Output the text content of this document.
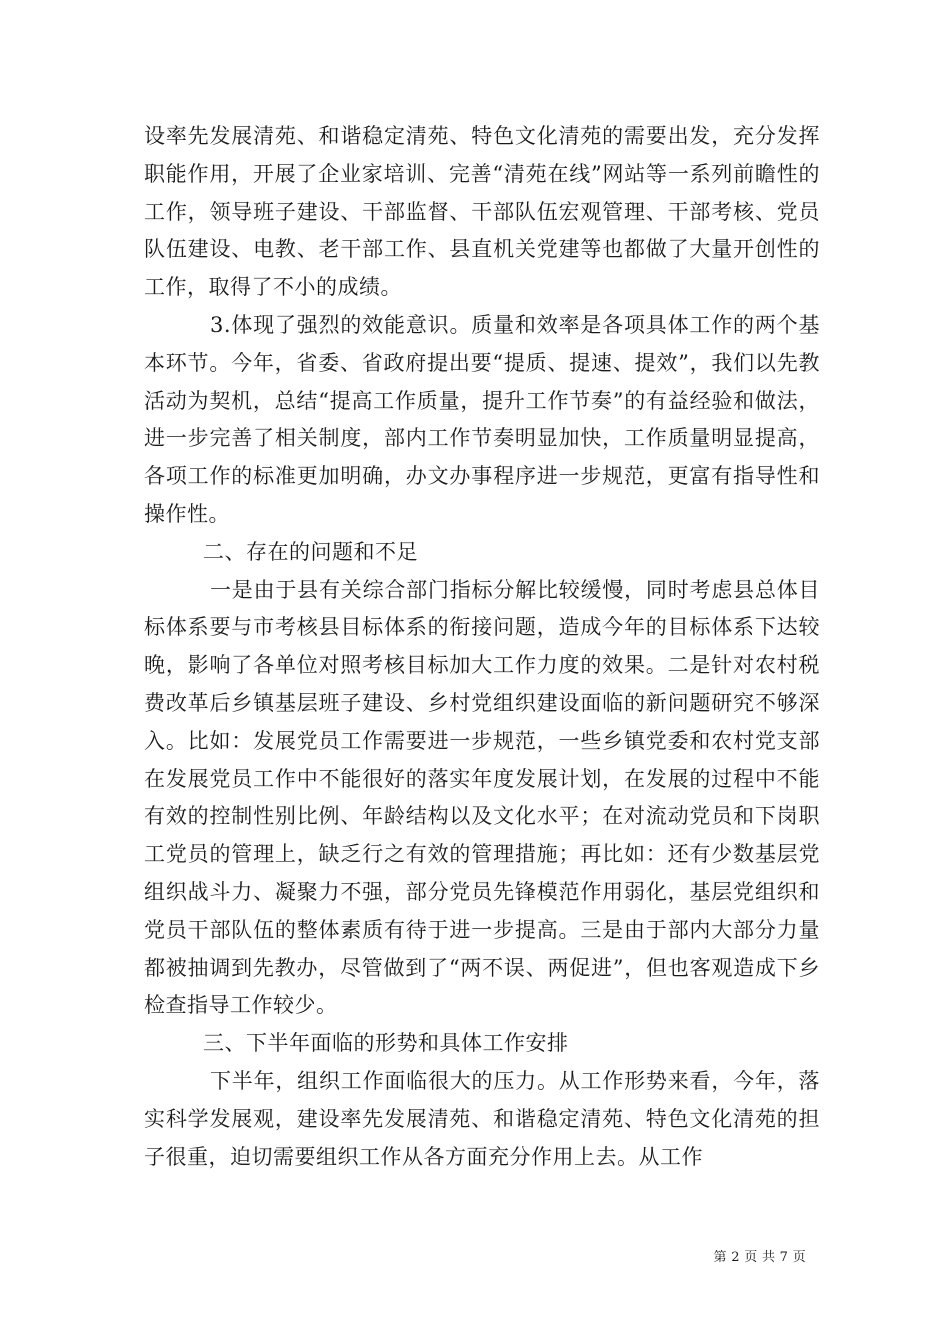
设率先发展清苑、和谐稳定清苑、特色文化清苑的需要出发，充分发挥职能作用，开展了企业家培训、完善“清苑在线”网站等一系列前瞻性的工作，领导班子建设、干部监督、干部队伍宏观管理、干部考核、党员队伍建设、电教、老干部工作、县直机关党建等也都做了大量开创性的工作，取得了不小的成绩。

3.体现了强烈的效能意识。质量和效率是各项具体工作的两个基本环节。今年，省委、省政府提出要“提质、提速、提效”，我们以先教活动为契机，总结“提高工作质量，提升工作节奏”的有益经验和做法，进一步完善了相关制度，部内工作节奏明显加快，工作质量明显提高，各项工作的标准更加明确，办文办事程序进一步规范，更富有指导性和操作性。

二、存在的问题和不足

一是由于县有关综合部门指标分解比较缓慢，同时考虑县总体目标体系要与市考核县目标体系的衔接问题，造成今年的目标体系下达较晚，影响了各单位对照考核目标加大工作力度的效果。二是针对农村税费改革后乡镇基层班子建设、乡村党组织建设面临的新问题研究不够深入。比如：发展党员工作需要进一步规范，一些乡镇党委和农村党支部在发展党员工作中不能很好的落实年度发展计划，在发展的过程中不能有效的控制性别比例、年龄结构以及文化水平；在对流动党员和下岗职工党员的管理上，缺乏行之有效的管理措施；再比如：还有少数基层党组织战斗力、凝聚力不强，部分党员先锋模范作用弱化，基层党组织和党员干部队伍的整体素质有待于进一步提高。三是由于部内大部分力量都被抽调到先教办，尽管做到了“两不误、两促进”，但也客观造成下乡检查指导工作较少。

三、下半年面临的形势和具体工作安排

下半年，组织工作面临很大的压力。从工作形势来看，今年，落实科学发展观，建设率先发展清苑、和谐稳定清苑、特色文化清苑的担子很重，迫切需要组织工作从各方面充分作用上去。从工作

第 2 页 共 7 页
